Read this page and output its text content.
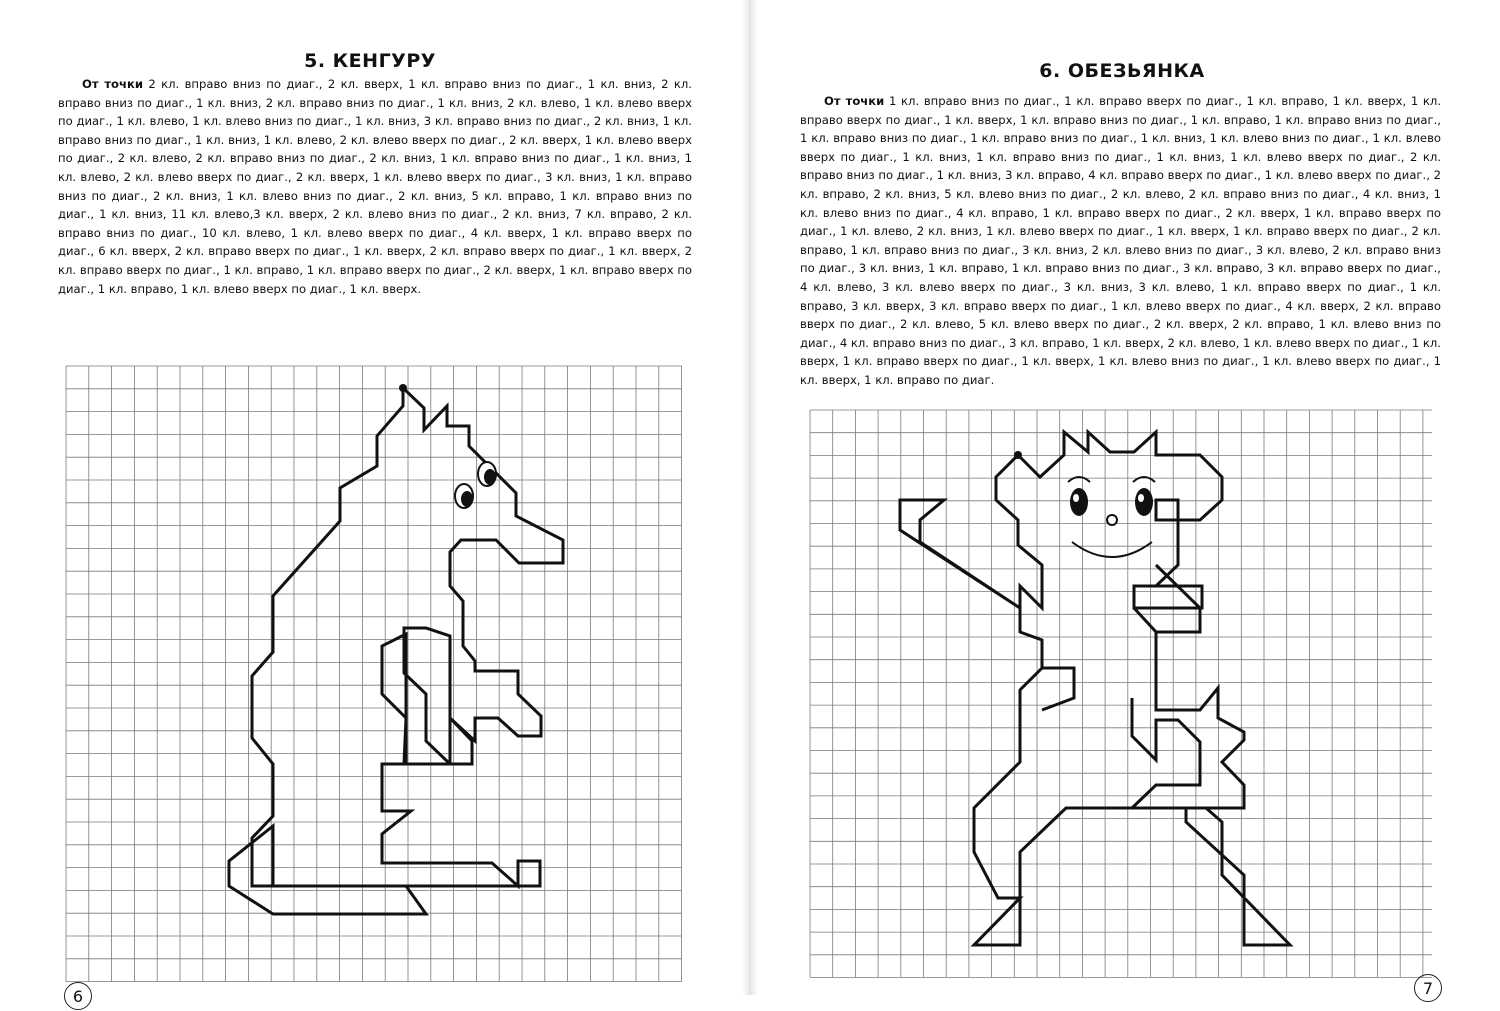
5. КЕНГУРУ
От точки 2 кл. вправо вниз по диаг., 2 кл. вверх, 1 кл. вправо вниз по диаг., 1 кл. вниз, 2 кл. вправо вниз по диаг., 1 кл. вниз, 2 кл. вправо вниз по диаг., 1 кл. вниз, 2 кл. влево, 1 кл. влево вверх по диаг., 1 кл. влево, 1 кл. влево вниз по диаг., 1 кл. вниз, 3 кл. вправо вниз по диаг., 2 кл. вниз, 1 кл. вправо вниз по диаг., 1 кл. вниз, 1 кл. влево, 2 кл. влево вверх по диаг., 2 кл. вверх, 1 кл. влево вверх по диаг., 2 кл. влево, 2 кл. вправо вниз по диаг., 2 кл. вниз, 1 кл. вправо вниз по диаг., 1 кл. вниз, 1 кл. влево, 2 кл. влево вверх по диаг., 2 кл. вверх, 1 кл. влево вверх по диаг., 3 кл. вниз, 1 кл. вправо вниз по диаг., 2 кл. вниз, 1 кл. влево вниз по диаг., 2 кл. вниз, 5 кл. вправо, 1 кл. вправо вниз по диаг., 1 кл. вниз, 11 кл. влево,3 кл. вверх, 2 кл. влево вниз по диаг., 2 кл. вниз, 7 кл. вправо, 2 кл. вправо вниз по диаг., 10 кл. влево, 1 кл. влево вверх по диаг., 4 кл. вверх, 1 кл. вправо вверх по диаг., 6 кл. вверх, 2 кл. вправо вверх по диаг., 1 кл. вверх, 2 кл. вправо вверх по диаг., 1 кл. вверх, 2 кл. вправо вверх по диаг., 1 кл. вправо, 1 кл. вправо вверх по диаг., 2 кл. вверх, 1 кл. вправо вверх по диаг., 1 кл. вправо, 1 кл. влево вверх по диаг., 1 кл. вверх.
6
6. ОБЕЗЬЯНКА
От точки 1 кл. вправо вниз по диаг., 1 кл. вправо вверх по диаг., 1 кл. вправо, 1 кл. вверх, 1 кл. вправо вверх по диаг., 1 кл. вверх, 1 кл. вправо вниз по диаг., 1 кл. вправо, 1 кл. вправо вниз по диаг., 1 кл. вправо вниз по диаг., 1 кл. вправо вниз по диаг., 1 кл. вниз, 1 кл. влево вниз по диаг., 1 кл. влево вверх по диаг., 1 кл. вниз, 1 кл. вправо вниз по диаг., 1 кл. вниз, 1 кл. влево вверх по диаг., 2 кл. вправо вниз по диаг., 1 кл. вниз, 3 кл. вправо, 4 кл. вправо вверх по диаг., 1 кл. влево вверх по диаг., 2 кл. вправо, 2 кл. вниз, 5 кл. влево вниз по диаг., 2 кл. влево, 2 кл. вправо вниз по диаг., 4 кл. вниз, 1 кл. влево вниз по диаг., 4 кл. вправо, 1 кл. вправо вверх по диаг., 2 кл. вверх, 1 кл. вправо вверх по диаг., 1 кл. влево, 2 кл. вниз, 1 кл. влево вверх по диаг., 1 кл. вверх, 1 кл. вправо вверх по диаг., 2 кл. вправо, 1 кл. вправо вниз по диаг., 3 кл. вниз, 2 кл. влево вниз по диаг., 3 кл. влево, 2 кл. вправо вниз по диаг., 3 кл. вниз, 1 кл. вправо, 1 кл. вправо вниз по диаг., 3 кл. вправо, 3 кл. вправо вверх по диаг., 4 кл. влево, 3 кл. влево вверх по диаг., 3 кл. вниз, 3 кл. влево, 1 кл. вправо вверх по диаг., 1 кл. вправо, 3 кл. вверх, 3 кл. вправо вверх по диаг., 1 кл. влево вверх по диаг., 4 кл. вверх, 2 кл. вправо вверх по диаг., 2 кл. влево, 5 кл. влево вверх по диаг., 2 кл. вверх, 2 кл. вправо, 1 кл. влево вниз по диаг., 4 кл. вправо вниз по диаг., 3 кл. вправо, 1 кл. вверх, 2 кл. влево, 1 кл. влево вверх по диаг., 1 кл. вверх, 1 кл. вправо вверх по диаг., 1 кл. вверх, 1 кл. влево вниз по диаг., 1 кл. влево вверх по диаг., 1 кл. вверх, 1 кл. вправо по диаг.
7
